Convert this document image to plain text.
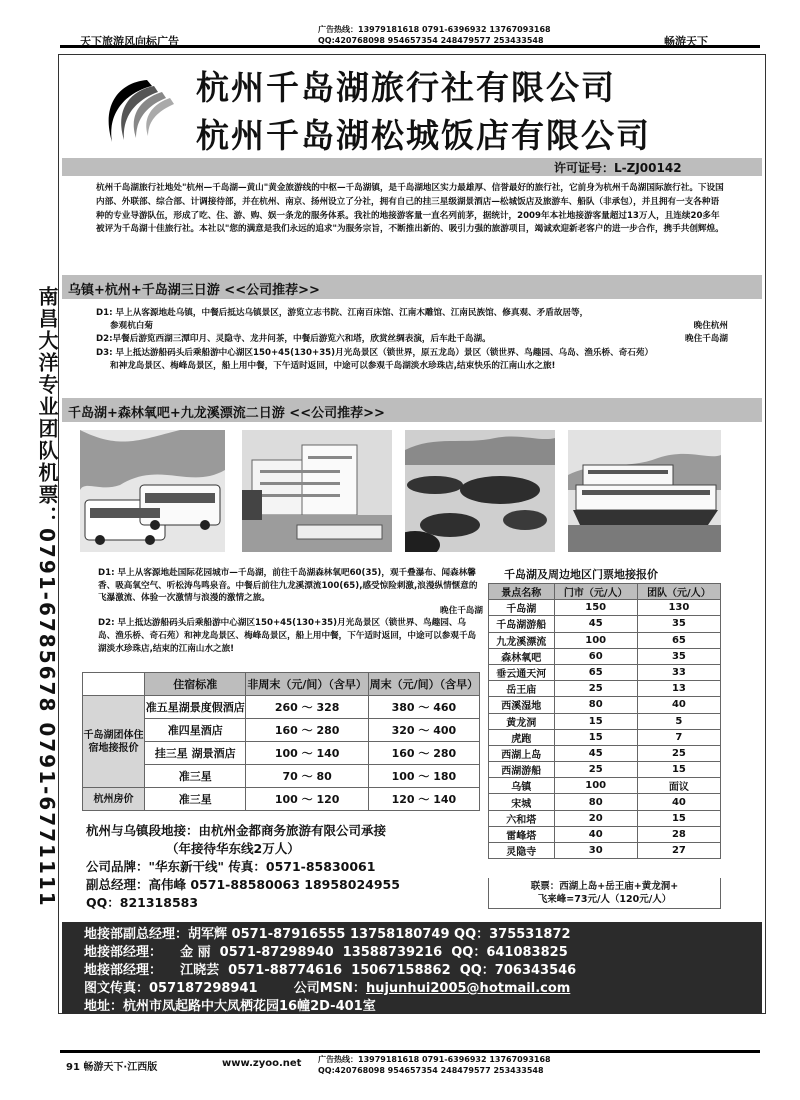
天下旅游风向标广告
广告热线：13979181618 0791-6396932 13767093168
QQ:420768098 954657354 248479577 253433548	畅游天下
南昌大洋专业团队机票：0791-6785678 0791-6771111
杭州千岛湖旅行社有限公司
杭州千岛湖松城饭店有限公司
许可证号：L-ZJ00142
杭州千岛湖旅行社地处"杭州—千岛湖—黄山"黄金旅游线的中枢—千岛湖镇，是千岛湖地区实力最雄厚、信誉最好的旅行社，它前身为杭州千岛湖国际旅行社。下设国内部、外联部、综合部、计调接待部，并在杭州、南京、扬州设立了分社，拥有自己的挂三星级湖景酒店—松城饭店及旅游车、船队（非承包），并且拥有一支各种语种的专业导游队伍，形成了吃、住、游、购、娱一条龙的服务体系。我社的地接游客量一直名列前茅，据统计，2009年本社地接游客量超过13万人，且连续20多年被评为千岛湖十佳旅行社。本社以"您的满意是我们永远的追求"为服务宗旨，不断推出新的、吸引力强的旅游项目，竭诚欢迎新老客户的进一步合作，携手共创辉煌。
乌镇+杭州+千岛湖三日游 <<公司推荐>>

D1: 早上从客源地赴乌镇，中餐后抵达乌镇景区，游览立志书院、江南百床馆、江南木雕馆、江南民族馆、修真观、矛盾故居等，

参观杭白菊	晚住杭州

D2:早餐后游览西湖三潭印月、灵隐寺、龙井问茶，中餐后游览六和塔，欣赏丝绸表演，后车赴千岛湖。	晚住千岛湖

D3: 早上抵达游船码头后乘船游中心湖区150+45(130+35)月光岛景区（锁世界，原五龙岛）景区（锁世界、鸟趣园、乌岛、渔乐桥、奇石苑）

和神龙岛景区、梅峰岛景区，船上用中餐，下午适时返回，中途可以参观千岛湖淡水珍珠店,结束快乐的江南山水之旅!

千岛湖+森林氧吧+九龙溪漂流二日游 <<公司推荐>>

D1: 早上从客源地赴国际花园城市—千岛湖，前往千岛湖森林氧吧60(35)，观千叠瀑布、闻森林馨香、吸高氧空气、听松涛鸟鸣泉音。中餐后前往九龙溪漂流100(65),感受惊险刺激,浪漫纵情惬意的飞瀑激流、体验一次激情与浪漫的激情之旅。

晚住千岛湖

D2: 早上抵达游船码头后乘船游中心湖区150+45(130+35)月光岛景区（锁世界、鸟趣园、乌岛、渔乐桥、奇石苑）和神龙岛景区、梅峰岛景区，船上用中餐，下午适时返回，中途可以参观千岛湖淡水珍珠店,结束的江南山水之旅!

千岛湖及周边地区门票地接报价
景点名称	门市（元/人）	团队（元/人）
千岛湖	150	130
千岛湖游船	45	35
九龙溪漂流	100	65
森林氧吧	60	35
垂云通天河	65	33
岳王庙	25	13
西溪湿地	80	40
黄龙洞	15	5
虎跑	15	7
西湖上岛	45	25
西湖游船	25	15
乌镇	100	面议
宋城	80	40
六和塔	20	15
雷峰塔	40	28
灵隐寺	30	27
联票：西湖上岛+岳王庙+黄龙洞+
飞来峰=73元/人（120元/人）
	住宿标准	非周末（元/间）（含早）	周末（元/间）（含早）
千岛湖团体住宿地接报价	准五星湖景度假酒店	260 ～ 328	380 ～ 460
	准四星酒店	160 ～ 280	320 ～ 400
	挂三星 湖景酒店	100 ～ 140	160 ～ 280
	准三星	70 ～ 80	100 ～ 180
杭州房价	准三星	100 ～ 120	120 ～ 140
杭州与乌镇段地接：由杭州金都商务旅游有限公司承接
（年接待华东线2万人）
公司品牌："华东新干线" 传真：0571-85830061
副总经理：高伟峰 0571-88580063 18958024955
QQ：821318583
地接部副总经理：胡军辉 0571-87916555 13758180749 QQ：375531872
地接部经理：    金 丽  0571-87298940  13588739216  QQ：641083825
地接部经理：    江晓芸  0571-88774616  15067158862  QQ：706343546
图文传真：057187298941        公司MSN：hujunhui2005@hotmail.com
地址：杭州市凤起路中大凤栖花园16幢2D-401室
总公司：杭州市淳安县千岛湖镇新安大街11号千岛湖松城饭店
91 畅游天下·江西版	www.zyoo.net 广告热线：13979181618 0791-6396932 13767093168
QQ:420768098 954657354 248479577 253433548
